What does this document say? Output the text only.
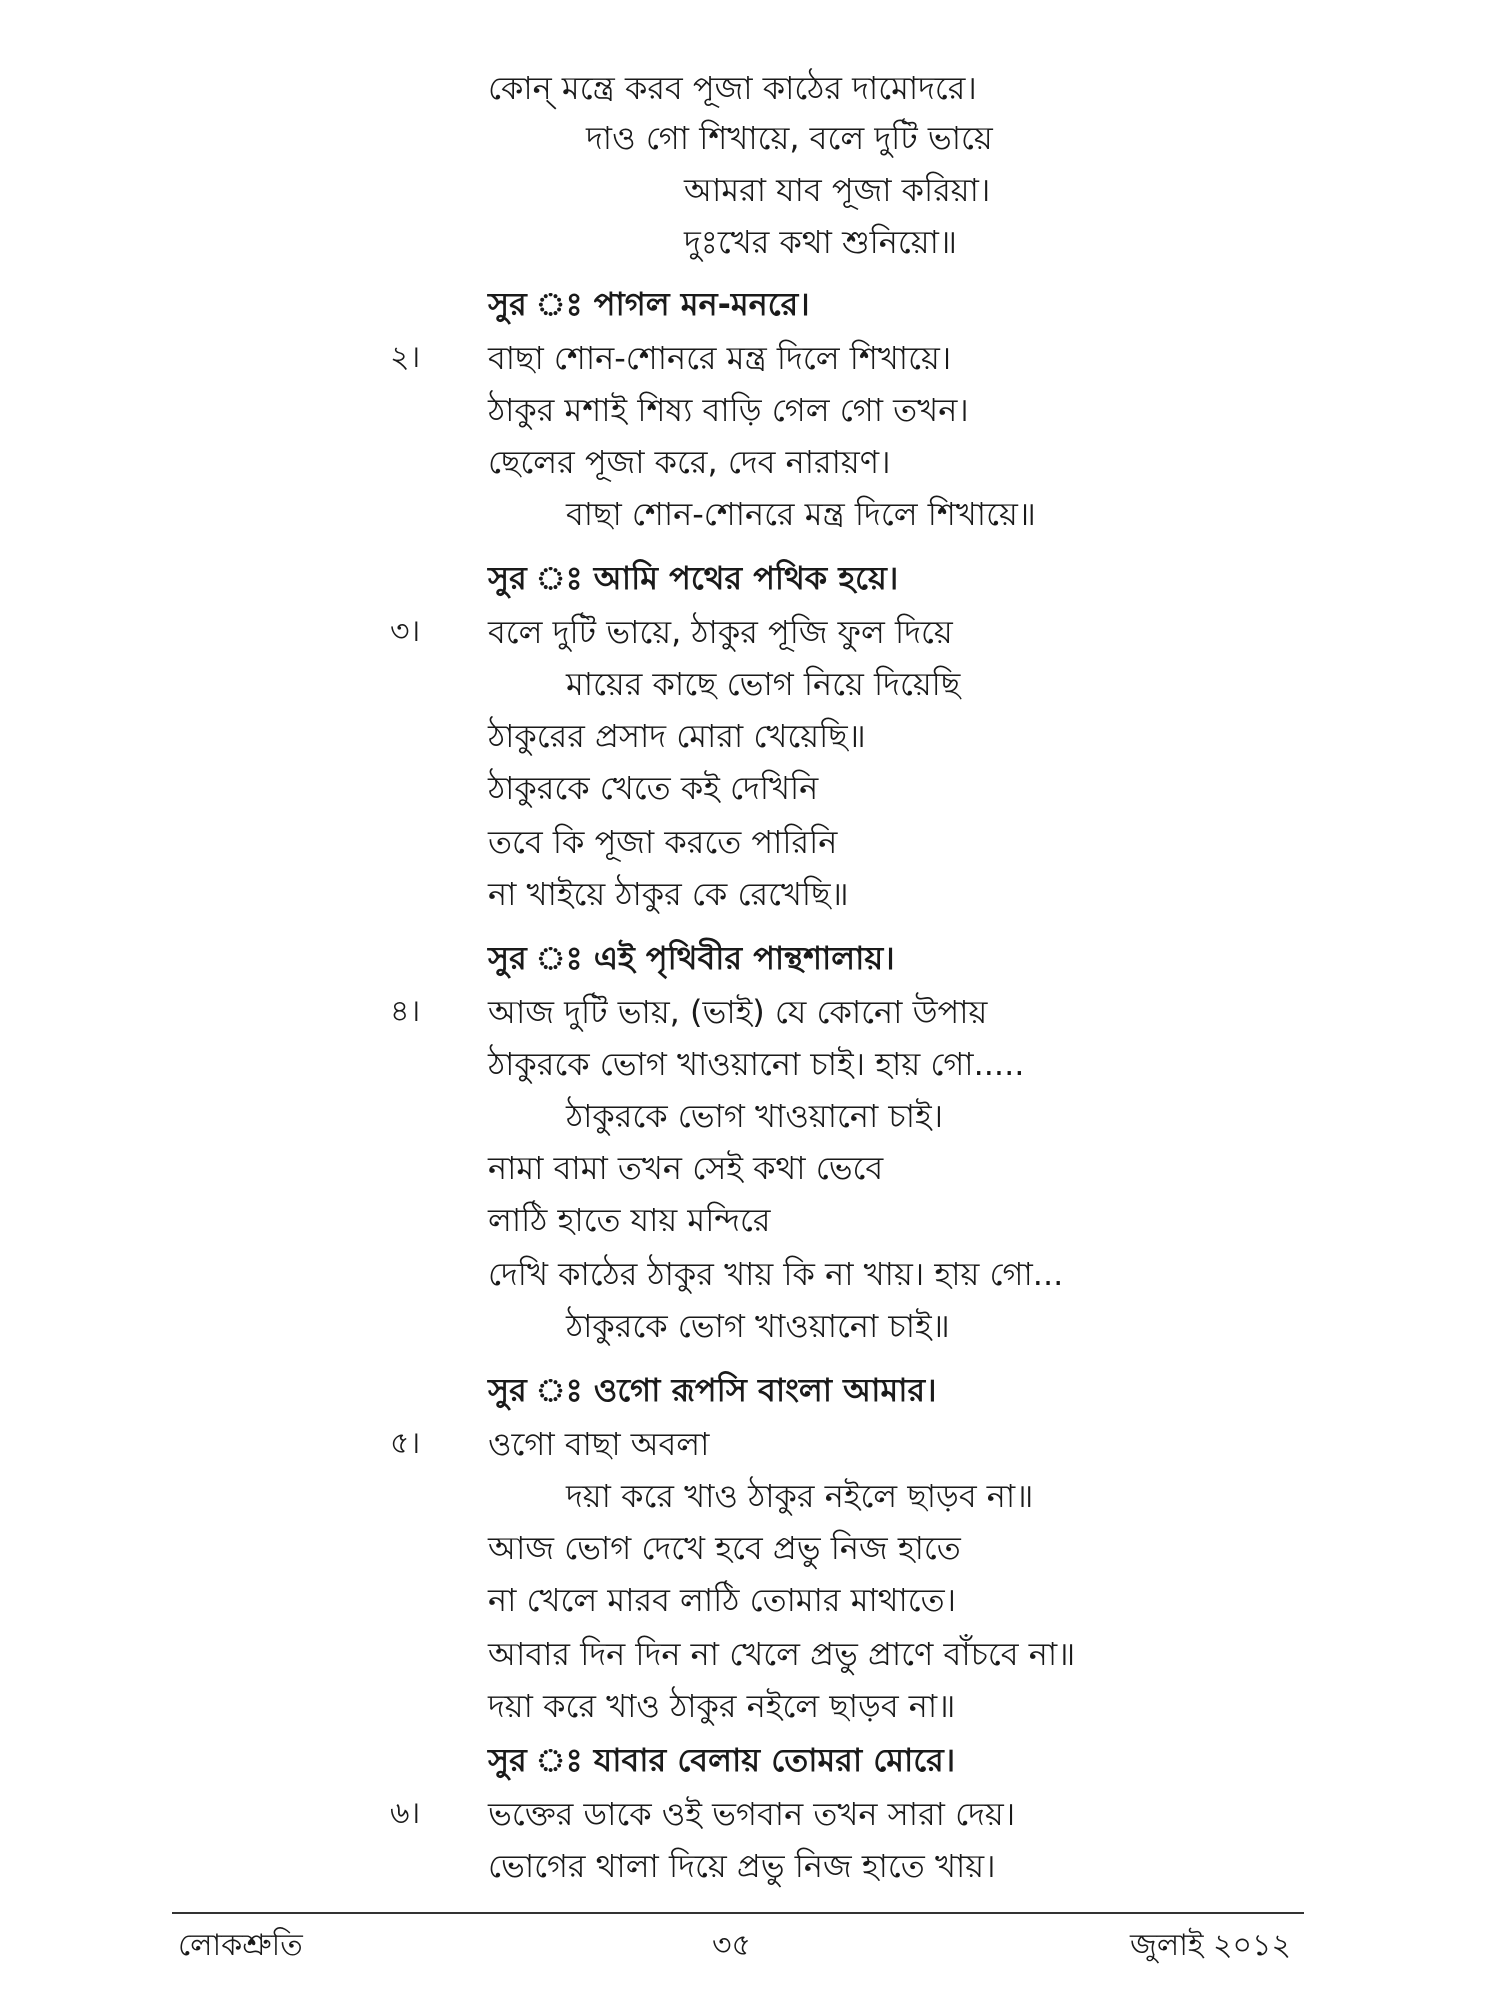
কোন্‌ মন্ত্রে করব পূজা কাঠের দামোদরে।
দাও গো শিখায়ে, বলে দুটি ভায়ে
আমরা যাব পূজা করিয়া।
দুঃখের কথা শুনিয়ো॥
সুর ঃ পাগল মন-মনরে।
২। বাছা শোন-শোনরে মন্ত্র দিলে শিখায়ে।
ঠাকুর মশাই শিষ্য বাড়ি গেল গো তখন।
ছেলের পূজা করে, দেব নারায়ণ।
বাছা শোন-শোনরে মন্ত্র দিলে শিখায়ে॥
সুর ঃ আমি পথের পথিক হয়ে।
৩। বলে দুটি ভায়ে, ঠাকুর পূজি ফুল দিয়ে
মায়ের কাছে ভোগ নিয়ে দিয়েছি
ঠাকুরের প্রসাদ মোরা খেয়েছি॥
ঠাকুরকে খেতে কই দেখিনি
তবে কি পূজা করতে পারিনি
না খাইয়ে ঠাকুর কে রেখেছি॥
সুর ঃ এই পৃথিবীর পান্থশালায়।
৪। আজ দুটি ভায়, (ভাই) যে কোনো উপায়
ঠাকুরকে ভোগ খাওয়ানো চাই। হায় গো.....
ঠাকুরকে ভোগ খাওয়ানো চাই।
নামা বামা তখন সেই কথা ভেবে
লাঠি হাতে যায় মন্দিরে
দেখি কাঠের ঠাকুর খায় কি না খায়। হায় গো...
ঠাকুরকে ভোগ খাওয়ানো চাই॥
সুর ঃ ওগো রূপসি বাংলা আমার।
৫। ওগো বাছা অবলা
দয়া করে খাও ঠাকুর নইলে ছাড়ব না॥
আজ ভোগ দেখে হবে প্রভু নিজ হাতে
না খেলে মারব লাঠি তোমার মাথাতে।
আবার দিন দিন না খেলে প্রভু প্রাণে বাঁচবে না॥
দয়া করে খাও ঠাকুর নইলে ছাড়ব না॥
সুর ঃ যাবার বেলায় তোমরা মোরে।
৬। ভক্তের ডাকে ওই ভগবান তখন সারা দেয়।
ভোগের থালা দিয়ে প্রভু নিজ হাতে খায়।
লোকশ্রুতি	৩৫	জুলাই ২০১২
